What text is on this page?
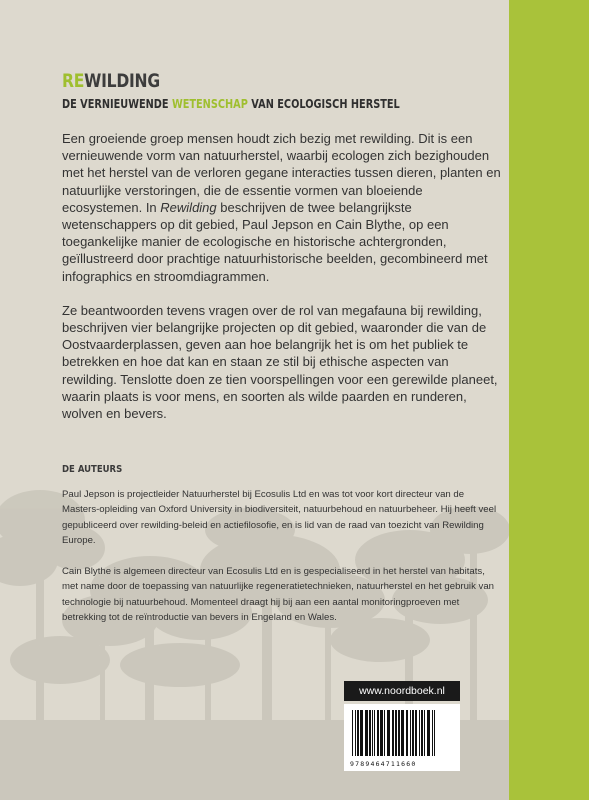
REWILDING
DE VERNIEUWENDE WETENSCHAP VAN ECOLOGISCH HERSTEL

Een groeiende groep mensen houdt zich bezig met rewilding. Dit is een vernieuwende vorm van natuurherstel, waarbij ecologen zich bezighouden met het herstel van de verloren gegane interacties tussen dieren, planten en natuurlijke verstoringen, die de essentie vormen van bloeiende ecosystemen. In Rewilding beschrijven de twee belangrijkste wetenschappers op dit gebied, Paul Jepson en Cain Blythe, op een toegankelijke manier de ecologische en historische achtergronden, geïllustreerd door prachtige natuurhistorische beelden, gecombineerd met infographics en stroomdiagrammen.

Ze beantwoorden tevens vragen over de rol van megafauna bij rewilding, beschrijven vier belangrijke projecten op dit gebied, waaronder die van de Oostvaarderplassen, geven aan hoe belangrijk het is om het publiek te betrekken en hoe dat kan en staan ze stil bij ethische aspecten van rewilding. Tenslotte doen ze tien voorspellingen voor een gerewilde planeet, waarin plaats is voor mens, en soorten als wilde paarden en runderen, wolven en bevers.

DE AUTEURS

Paul Jepson is projectleider Natuurherstel bij Ecosulis Ltd en was tot voor kort directeur van de Masters-opleiding van Oxford University in biodiversiteit, natuurbehoud en natuurbeheer. Hij heeft veel gepubliceerd over rewilding-beleid en actiefilosofie, en is lid van de raad van toezicht van Rewilding Europe.

Cain Blythe is algemeen directeur van Ecosulis Ltd en is gespecialiseerd in het herstel van habitats, met name door de toepassing van natuurlijke regeneratietechnieken, natuurherstel en het gebruik van technologie bij natuurbehoud. Momenteel draagt hij bij aan een aantal monitoringproeven met betrekking tot de reïntroductie van bevers in Engeland en Wales.

www.noordboek.nl
9789464711660
